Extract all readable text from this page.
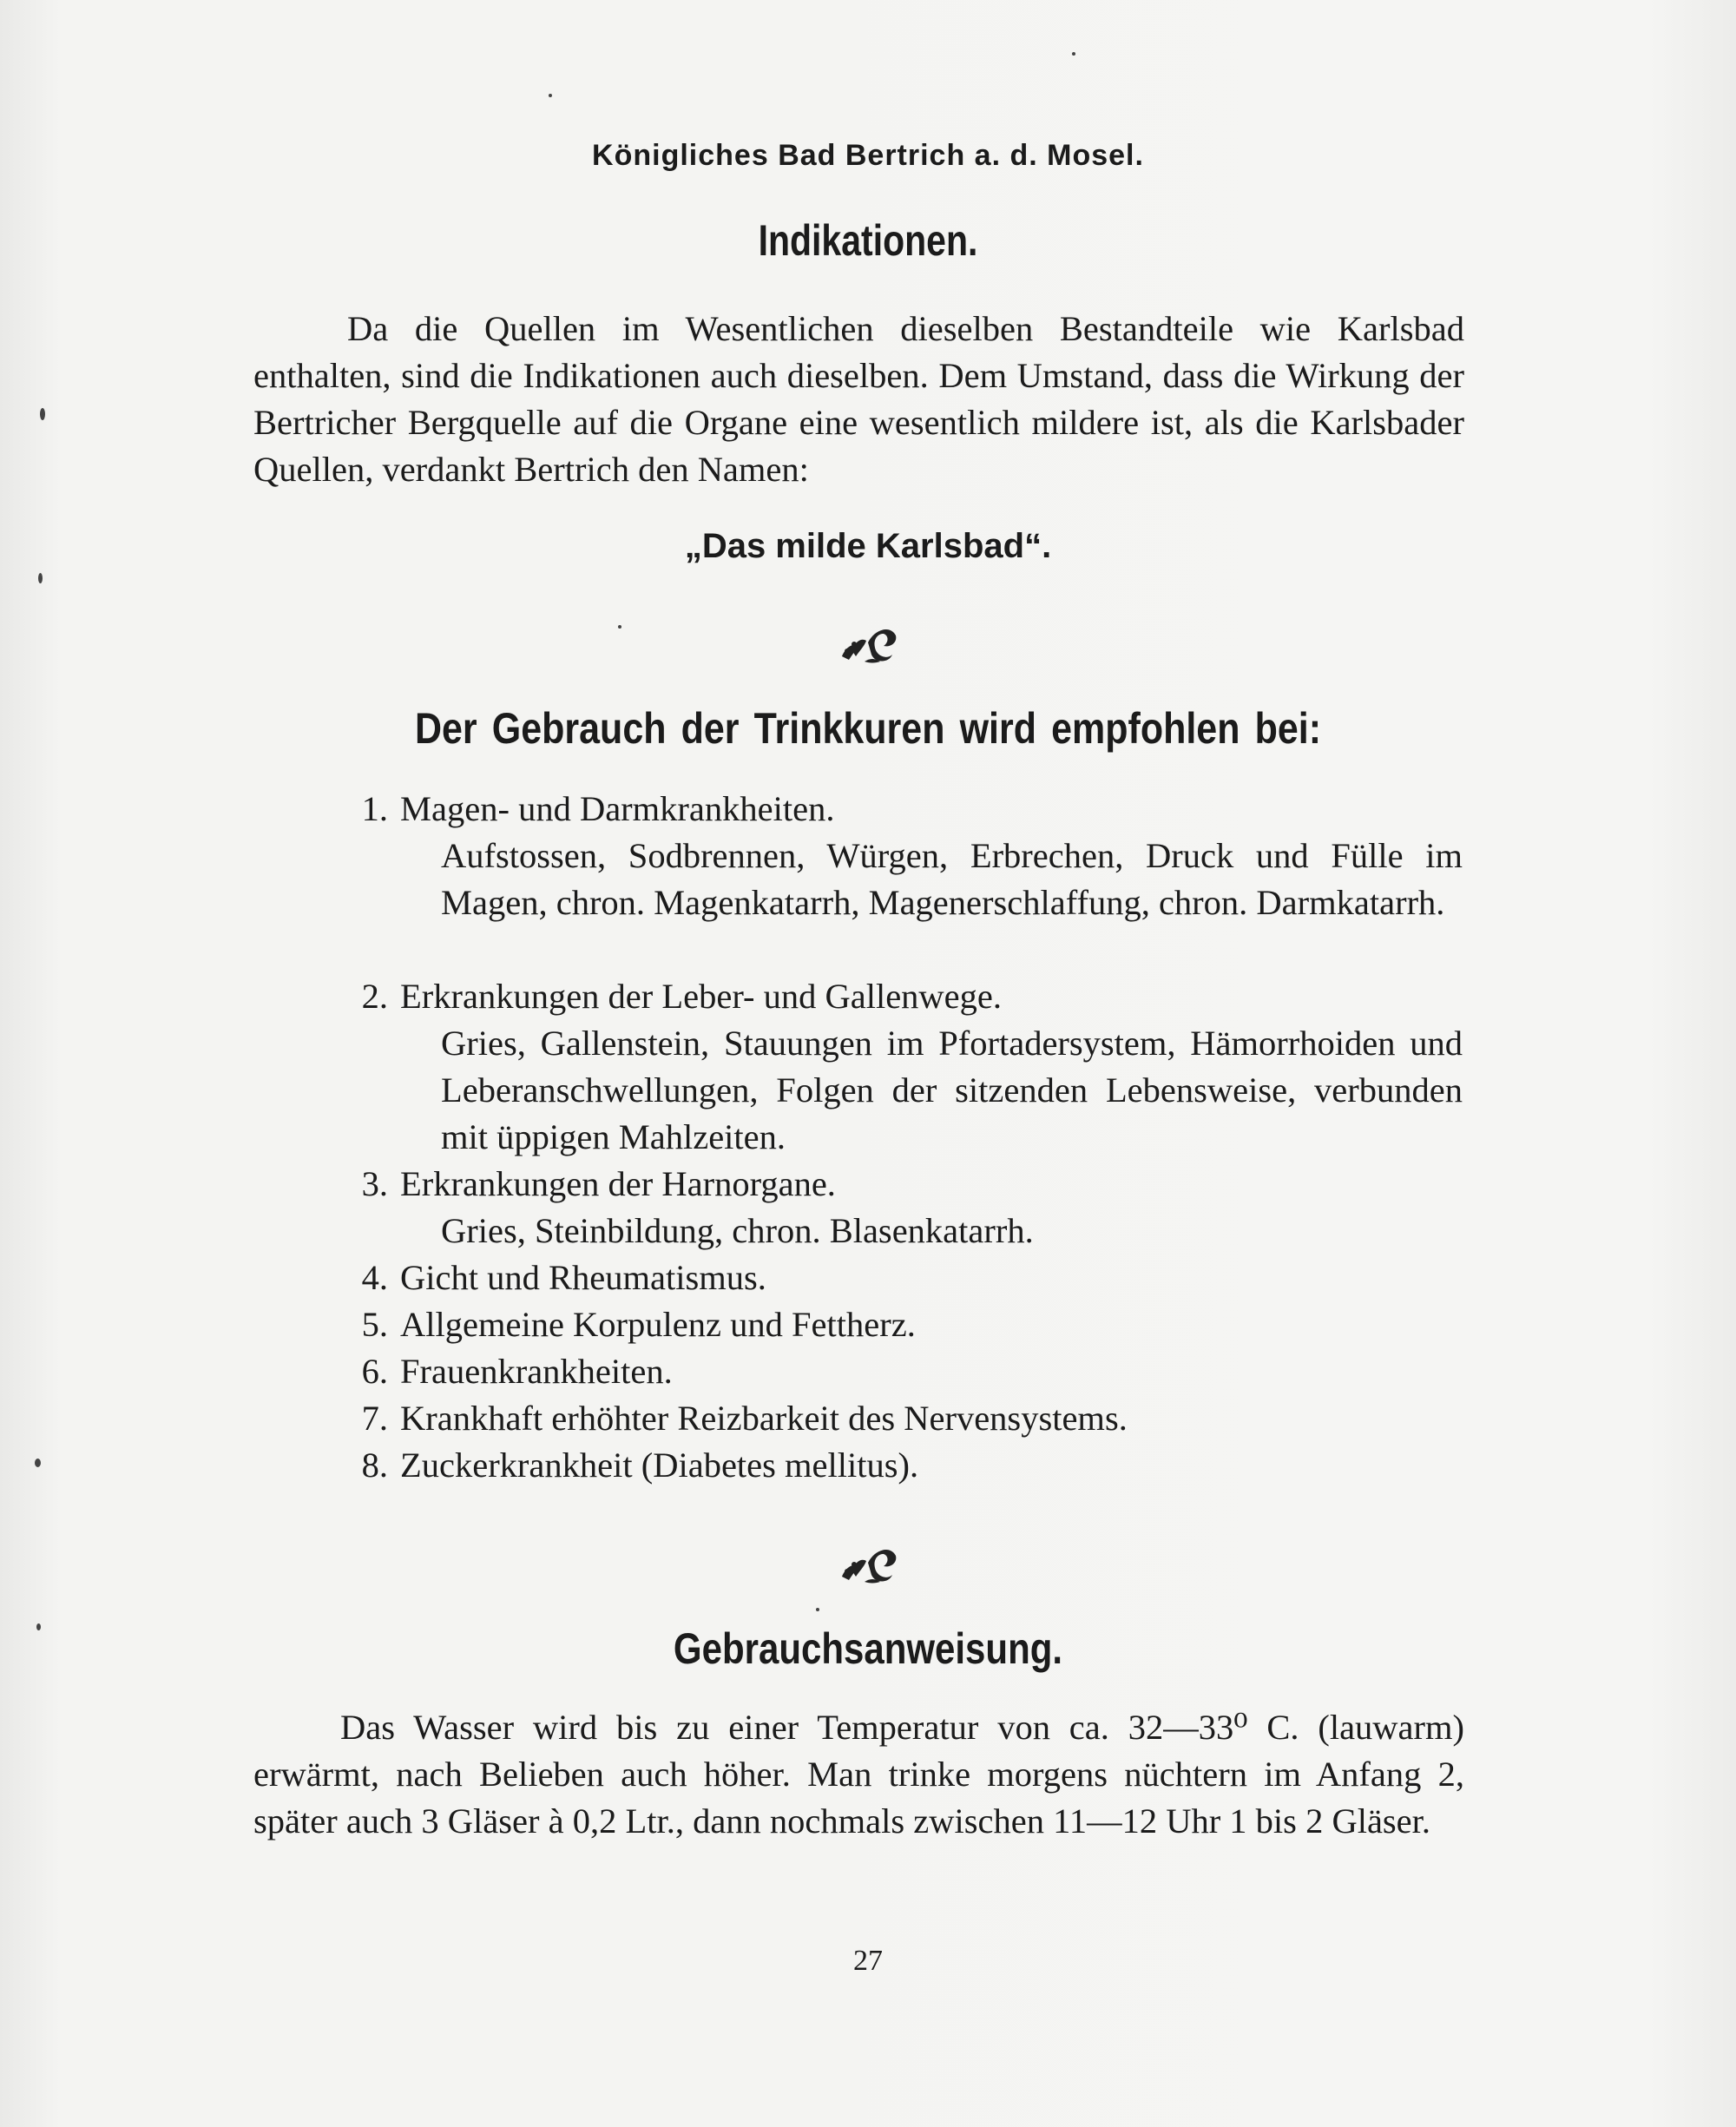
Königliches Bad Bertrich a. d. Mosel.
Indikationen.

Da die Quellen im Wesentlichen dieselben Bestandteile wie Karlsbad enthalten, sind die Indikationen auch dieselben. Dem Umstand, dass die Wirkung der Bertricher Bergquelle auf die Organe eine wesentlich mildere ist, als die Karlsbader Quellen, verdankt Bertrich den Namen:

„Das milde Karlsbad“.
Der Gebrauch der Trinkkuren wird empfohlen bei:
1. Magen- und Darmkrankheiten.

Aufstossen, Sodbrennen, Würgen, Erbrechen, Druck und Fülle im Magen, chron. Magenkatarrh, Magenerschlaffung, chron. Darmkatarrh.

2. Erkrankungen der Leber- und Gallenwege.

Gries, Gallenstein, Stauungen im Pfortadersystem, Hämorrhoiden und Leberanschwellungen, Folgen der sitzenden Lebensweise, verbunden mit üppigen Mahlzeiten.

3. Erkrankungen der Harnorgane.

Gries, Steinbildung, chron. Blasenkatarrh.

4. Gicht und Rheumatismus.
5. Allgemeine Korpulenz und Fettherz.
6. Frauenkrankheiten.
7. Krankhaft erhöhter Reizbarkeit des Nervensystems.
8. Zuckerkrankheit (Diabetes mellitus).
Gebrauchsanweisung.

Das Wasser wird bis zu einer Temperatur von ca. 32—33⁰ C. (lauwarm) erwärmt, nach Belieben auch höher. Man trinke morgens nüchtern im Anfang 2, später auch 3 Gläser à 0,2 Ltr., dann nochmals zwischen 11—12 Uhr 1 bis 2 Gläser.

27
